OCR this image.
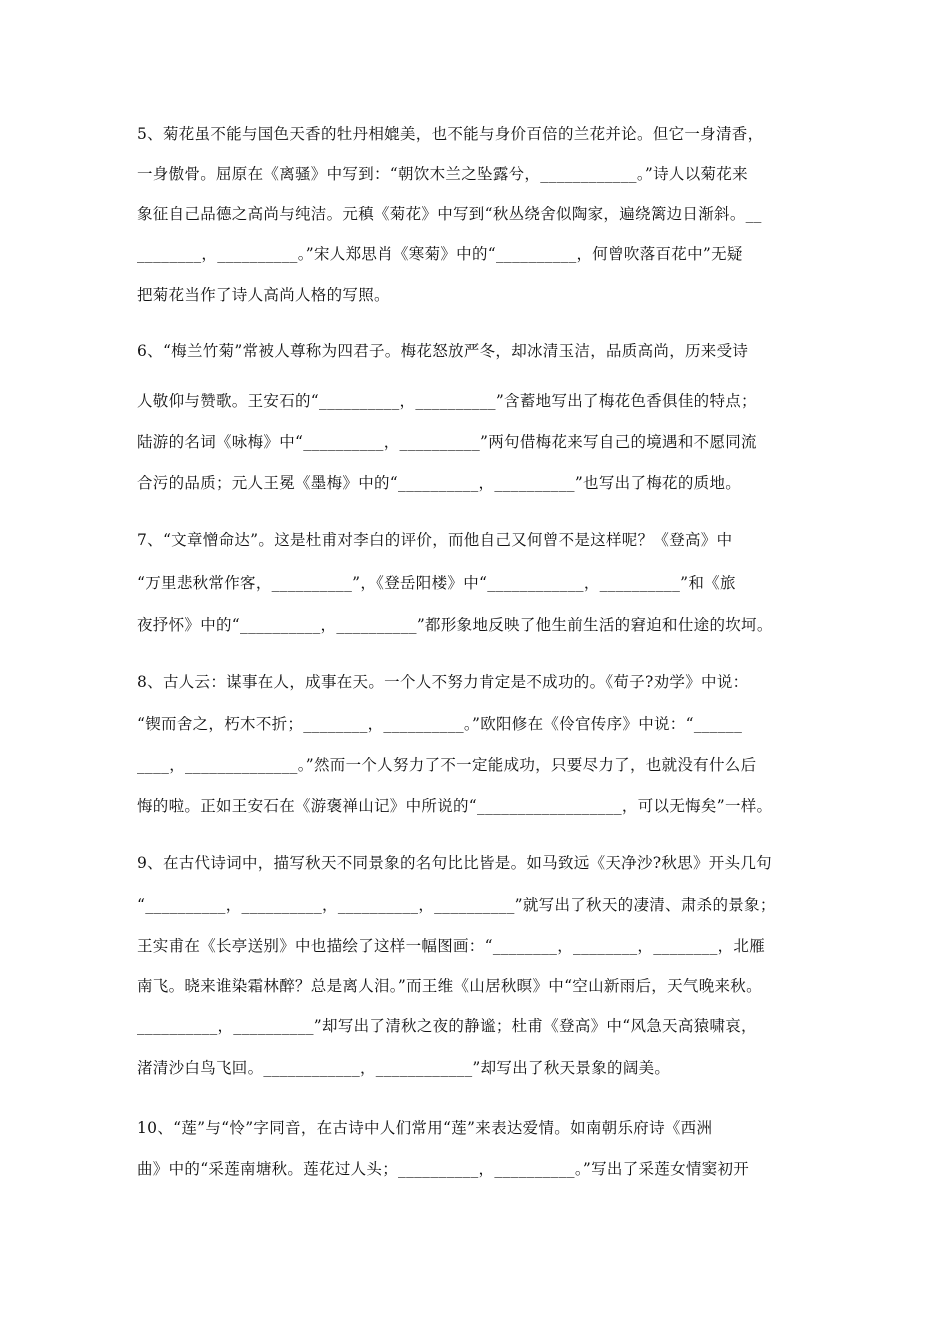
5、菊花虽不能与国色天香的牡丹相媲美，也不能与身价百倍的兰花并论。但它一身清香，
一身傲骨。屈原在《离骚》中写到：“朝饮木兰之坠露兮，____________。”诗人以菊花来
象征自己品德之高尚与纯洁。元稹《菊花》中写到“秋丛绕舍似陶家，遍绕篱边日渐斜。__
________，__________。”宋人郑思肖《寒菊》中的“__________，何曾吹落百花中”无疑
把菊花当作了诗人高尚人格的写照。
6、“梅兰竹菊”常被人尊称为四君子。梅花怒放严冬，却冰清玉洁，品质高尚，历来受诗
人敬仰与赞歌。王安石的“__________，__________”含蓄地写出了梅花色香俱佳的特点；
陆游的名词《咏梅》中“__________，__________”两句借梅花来写自己的境遇和不愿同流
合污的品质；元人王冕《墨梅》中的“__________，__________”也写出了梅花的质地。
7、“文章憎命达”。这是杜甫对李白的评价，而他自己又何曾不是这样呢？《登高》中
“万里悲秋常作客，__________”，《登岳阳楼》中“____________，__________”和《旅
夜抒怀》中的“__________，__________”都形象地反映了他生前生活的窘迫和仕途的坎坷。
8、古人云：谋事在人，成事在天。一个人不努力肯定是不成功的。《荀子?劝学》中说：
“锲而舍之，朽木不折；________，__________。”欧阳修在《伶官传序》中说：“______
____，______________。”然而一个人努力了不一定能成功，只要尽力了，也就没有什么后
悔的啦。正如王安石在《游褒禅山记》中所说的“__________________，可以无悔矣”一样。
9、在古代诗词中，描写秋天不同景象的名句比比皆是。如马致远《天净沙?秋思》开头几句
“__________，__________，__________，__________”就写出了秋天的凄清、肃杀的景象；
王实甫在《长亭送别》中也描绘了这样一幅图画：“________，________，________，北雁
南飞。晓来谁染霜林醉？总是离人泪。”而王维《山居秋暝》中“空山新雨后，天气晚来秋。
__________，__________”却写出了清秋之夜的静谧；杜甫《登高》中“风急天高猿啸哀，
渚清沙白鸟飞回。____________，____________”却写出了秋天景象的阔美。
10、“莲”与“怜”字同音，在古诗中人们常用“莲”来表达爱情。如南朝乐府诗《西洲
曲》中的“采莲南塘秋。莲花过人头；__________，__________。”写出了采莲女情窦初开
